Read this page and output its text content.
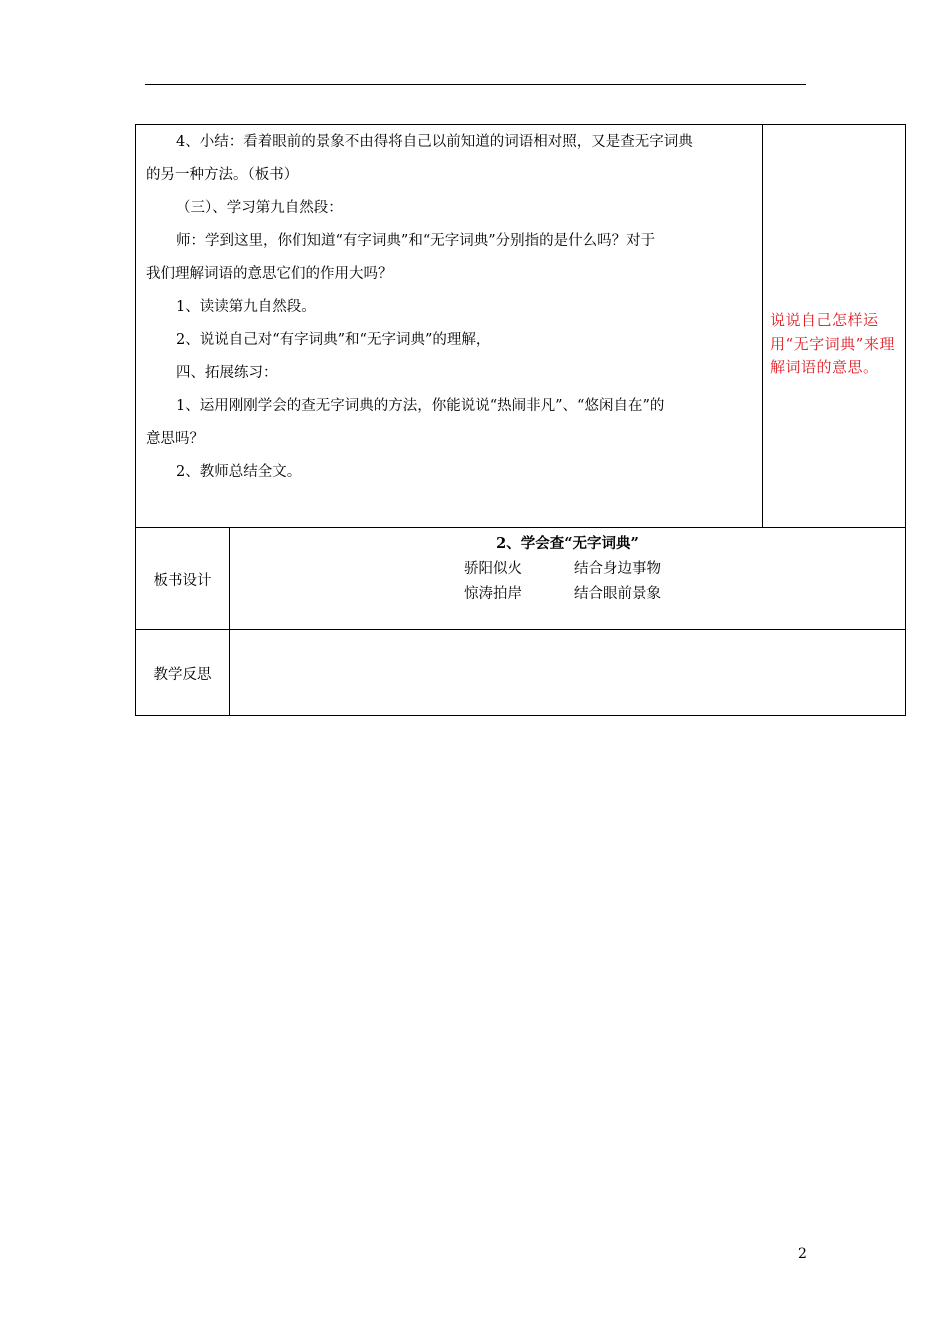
4、小结：看着眼前的景象不由得将自己以前知道的词语相对照，又是查无字词典
的另一种方法。（板书）
（三）、学习第九自然段：
师：学到这里，你们知道“有字词典”和“无字词典”分别指的是什么吗？对于
我们理解词语的意思它们的作用大吗？
1、读读第九自然段。
2、说说自己对“有字词典”和“无字词典”的理解，
四、拓展练习：
1、运用刚刚学会的查无字词典的方法，你能说说“热闹非凡”、“悠闲自在”的
意思吗？
2、教师总结全文。
说说自己怎样运用“无字词典”来理解词语的意思。
板书设计
2、学会查“无字词典”
骄阳似火	结合身边事物
惊涛拍岸	结合眼前景象
教学反思
2
